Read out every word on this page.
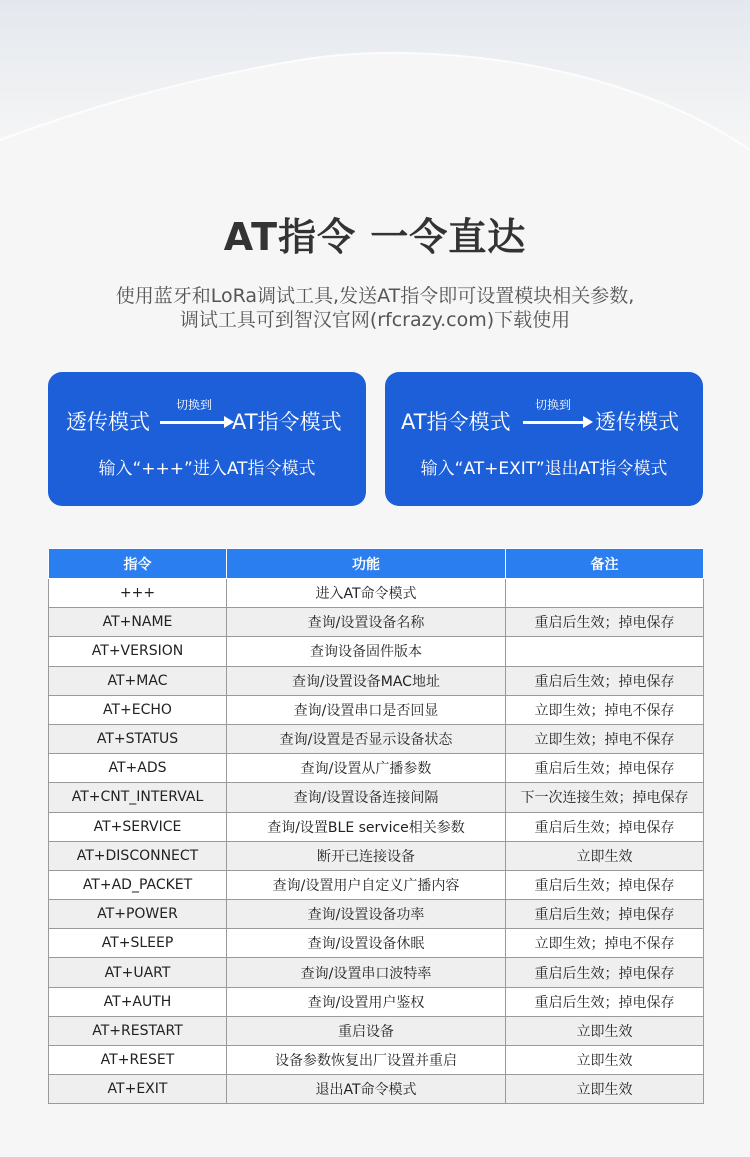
AT指令 一令直达
使用蓝牙和LoRa调试工具,发送AT指令即可设置模块相关参数,
调试工具可到智汉官网(rfcrazy.com)下载使用
透传模式
切换到
AT指令模式
输入“+++”进入AT指令模式
AT指令模式
切换到
透传模式
输入“AT+EXIT”退出AT指令模式
指令	功能	备注
+++	进入AT命令模式	
AT+NAME	查询/设置设备名称	重启后生效；掉电保存
AT+VERSION	查询设备固件版本	
AT+MAC	查询/设置设备MAC地址	重启后生效；掉电保存
AT+ECHO	查询/设置串口是否回显	立即生效；掉电不保存
AT+STATUS	查询/设置是否显示设备状态	立即生效；掉电不保存
AT+ADS	查询/设置从广播参数	重启后生效；掉电保存
AT+CNT_INTERVAL	查询/设置设备连接间隔	下一次连接生效；掉电保存
AT+SERVICE	查询/设置BLE service相关参数	重启后生效；掉电保存
AT+DISCONNECT	断开已连接设备	立即生效
AT+AD_PACKET	查询/设置用户自定义广播内容	重启后生效；掉电保存
AT+POWER	查询/设置设备功率	重启后生效；掉电保存
AT+SLEEP	查询/设置设备休眠	立即生效；掉电不保存
AT+UART	查询/设置串口波特率	重启后生效；掉电保存
AT+AUTH	查询/设置用户鉴权	重启后生效；掉电保存
AT+RESTART	重启设备	立即生效
AT+RESET	设备参数恢复出厂设置并重启	立即生效
AT+EXIT	退出AT命令模式	立即生效
